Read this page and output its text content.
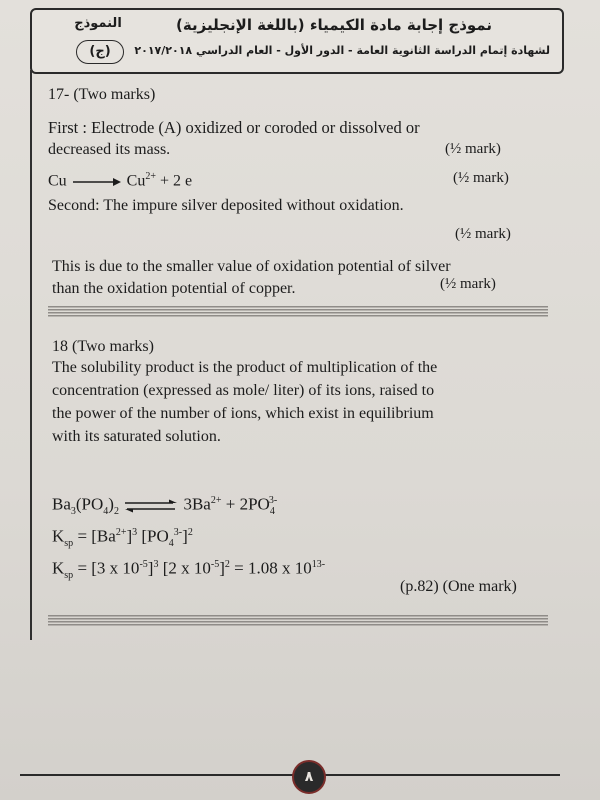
نموذج إجابة مادة الكيمياء (باللغة الإنجليزية)
لشهادة إتمام الدراسة الثانوية العامة - الدور الأول - العام الدراسي ٢٠١٧/٢٠١٨
النموذج
(ج)
17- (Two marks)
First : Electrode (A) oxidized or coroded or dissolved or
decreased its mass.	(½ mark)
Cu	$Cu^{2+} + 2$ e	(½ mark)
Second: The impure silver deposited without oxidation.
(½ mark)
This is due to the smaller value of oxidation potential of silver
than the oxidation potential of copper.	(½ mark)
18 (Two marks)
The solubility product is the product of multiplication of the
concentration (expressed as mole/ liter) of its ions, raised to
the power of the number of ions, which exist in equilibrium
with its saturated solution.
$Ba_3(PO_4)_2$ ⇌ $3Ba^{2+} + 2PO_4^{3-}$
$K_{sp} = [Ba^{2+}]^3$ $[PO_4^{3-}]^2$
$K_{sp} = [3$ x $10^{-5}]^3$ [2 x $10^{-5}]^2 = 1.08$ x $10^{13-}$
(p.82) (One mark)
٨
